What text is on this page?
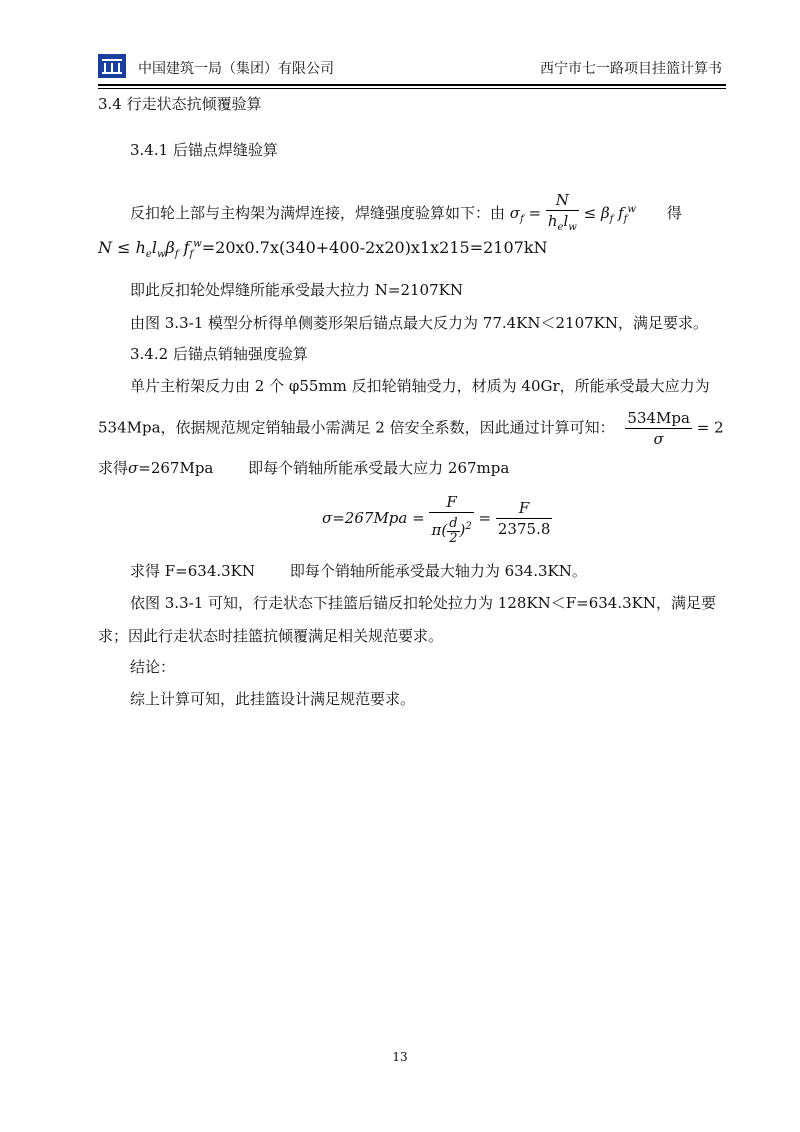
中国建筑一局（集团）有限公司	西宁市七一路项目挂篮计算书
3.4 行走状态抗倾覆验算
3.4.1 后锚点焊缝验算
反扣轮上部与主构架为满焊连接，焊缝强度验算如下：由 $\sigma_f = \frac{N}{h_el_w} \le \beta_f$ $f_f^w$ 得
$N \le h_el_w\beta_f$ $f_f^w=20x0.7x(340+400-2x20)x1x215=2107kN$
即此反扣轮处焊缝所能承受最大拉力 N=2107KN
由图 3.3-1 模型分析得单侧菱形架后锚点最大反力为 77.4KN＜2107KN，满足要求。
3.4.2 后锚点销轴强度验算
单片主桁架反力由 2 个 φ55mm 反扣轮销轴受力，材质为 40Gr，所能承受最大应力为
534Mpa，依据规范规定销轴最小需满足 2 倍安全系数，因此通过计算可知： $\frac{\text{534Mpa}}{\sigma} = 2$
求得σ=267Mpa 即每个销轴所能承受最大应力 267mpa
$\sigma=267Mpa = \frac{F}{\pi( \frac{d}{2} )^2} = \frac{F}{2375.8}$
求得 F=634.3KN 即每个销轴所能承受最大轴力为 634.3KN。
依图 3.3-1 可知，行走状态下挂篮后锚反扣轮处拉力为 128KN＜F=634.3KN，满足要
求；因此行走状态时挂篮抗倾覆满足相关规范要求。
结论：
综上计算可知，此挂篮设计满足规范要求。
13
